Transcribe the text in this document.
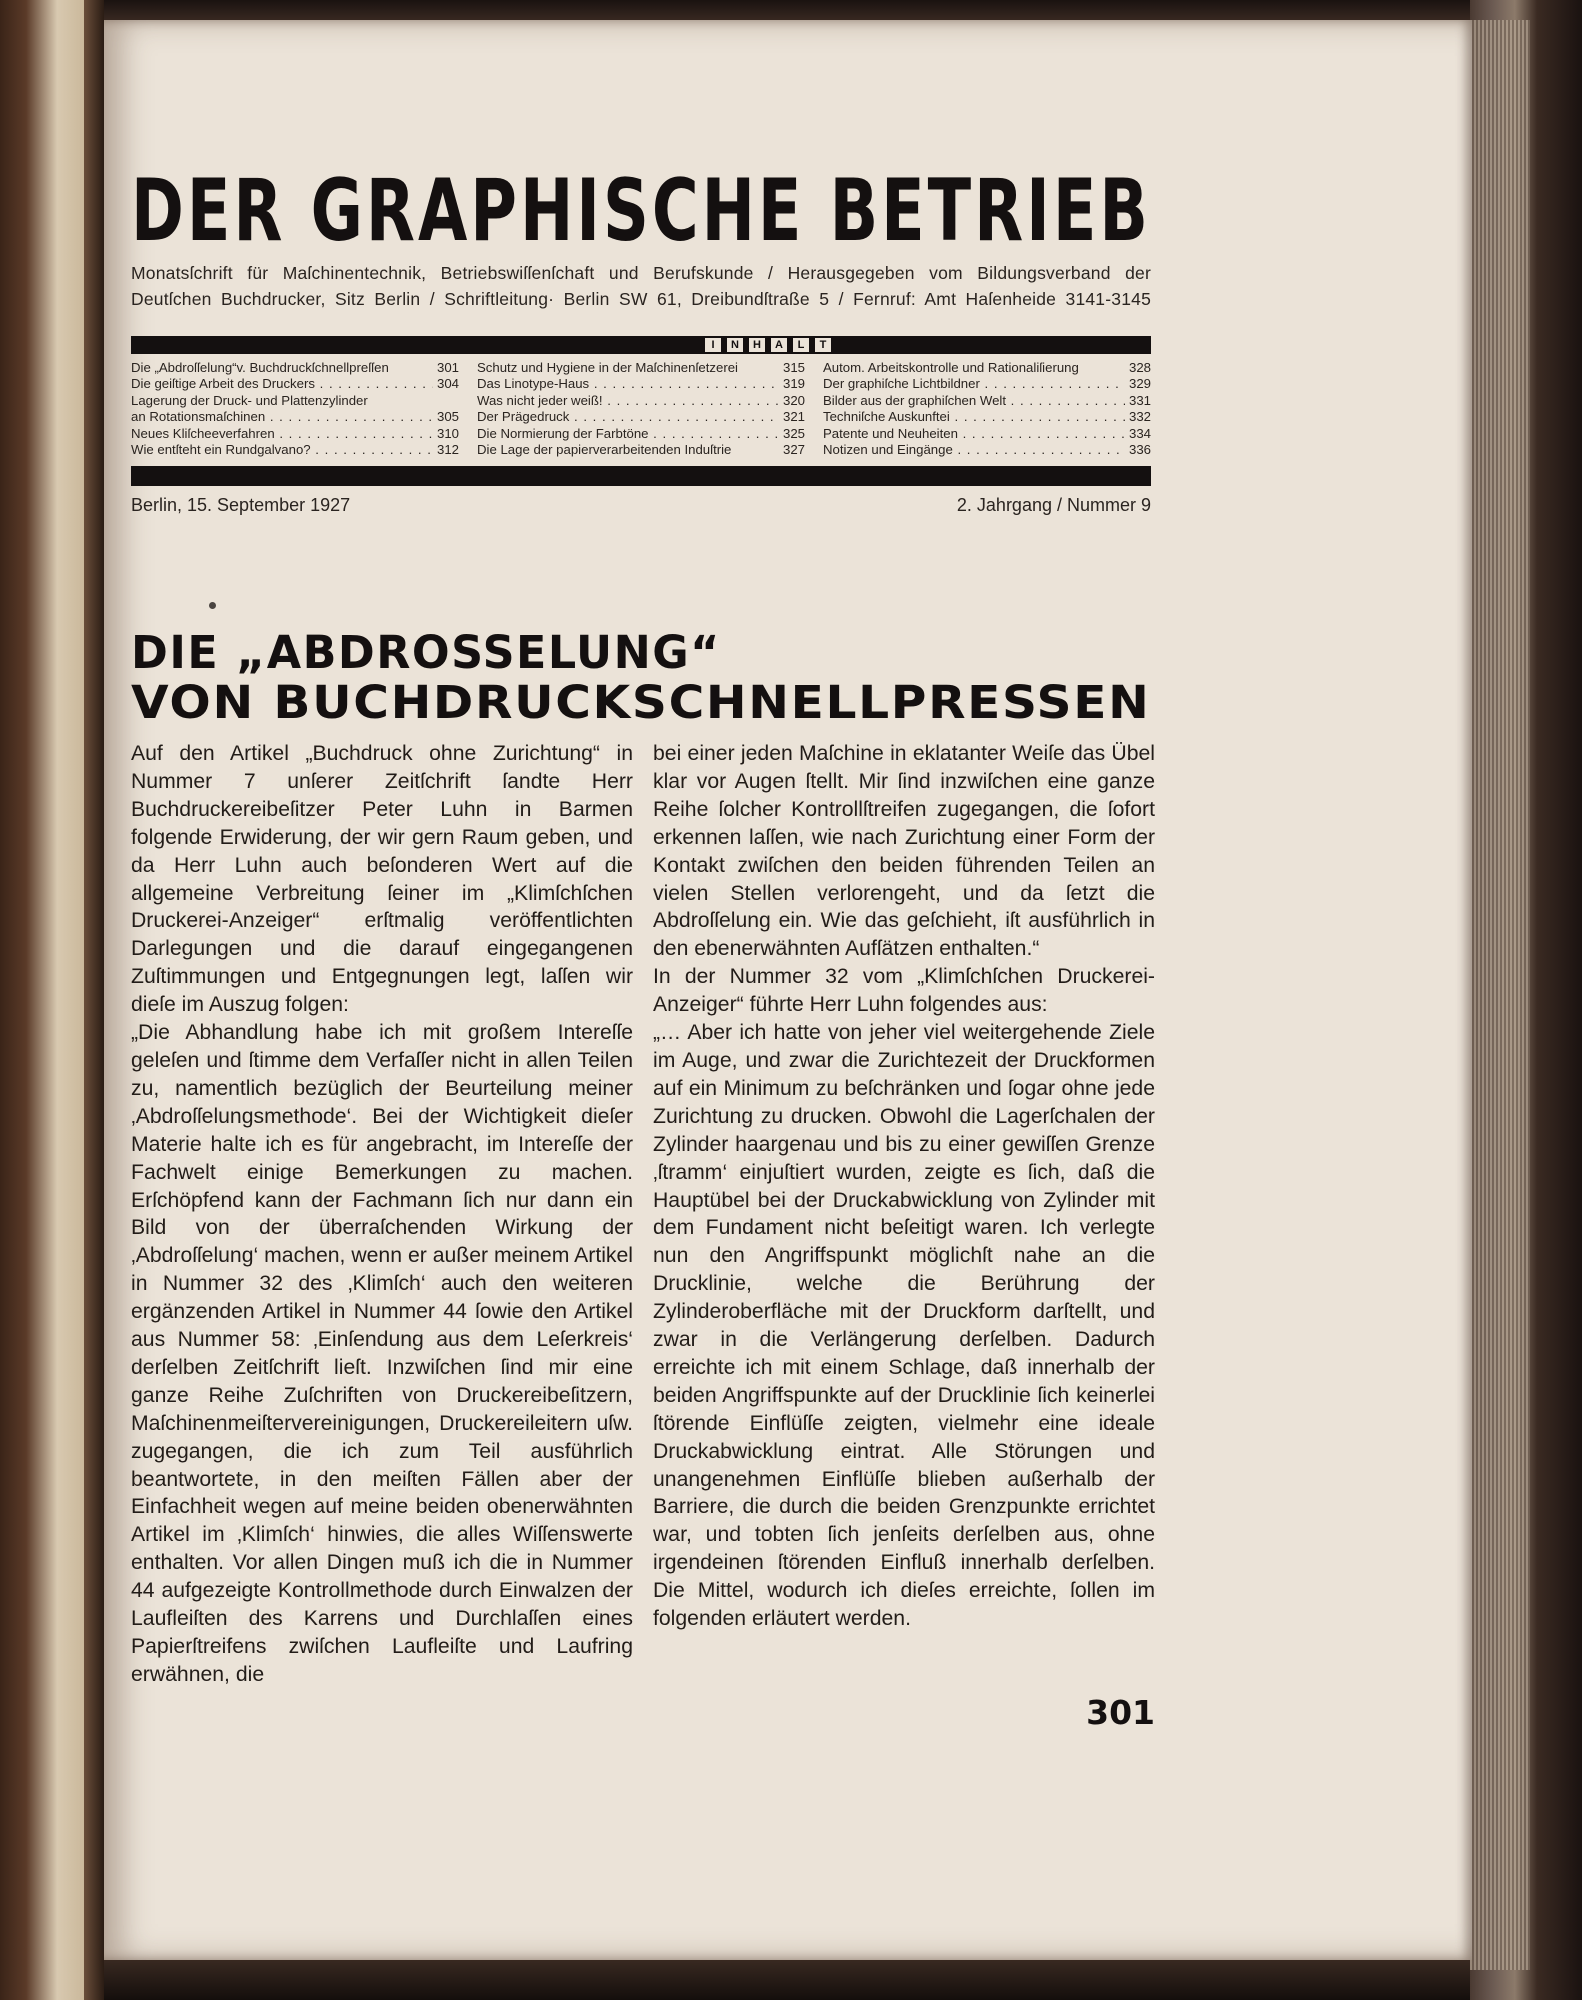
DER GRAPHISCHE BETRIEB
Monatsſchrift für Maſchinentechnik, Betriebswiſſenſchaft und Berufskunde / Herausgegeben vom Bildungsverband der
Deutſchen Buchdrucker, Sitz Berlin / Schriftleitung· Berlin SW 61, Dreibundſtraße 5 / Fernruf: Amt Haſenheide 3141-3145
I	N	H	A	L	T
Die „Abdroſſelung“v. Buchdruckſchnellpreſſen	301
Die geiſtige Arbeit des Druckers . . .	304
Lagerung der Druck- und Plattenzylinder
an Rotationsmaſchinen . . .	305
Neues Kliſcheeverfahren . . .	310
Wie entſteht ein Rundgalvano? . . .	312
Schutz und Hygiene in der Maſchinenſetzerei	315
Das Linotype-Haus . . .	319
Was nicht jeder weiß! . . .	320
Der Prägedruck . . .	321
Die Normierung der Farbtöne . . .	325
Die Lage der papierverarbeitenden Induſtrie	327
Autom. Arbeitskontrolle und Rationaliſierung	328
Der graphiſche Lichtbildner . . .	329
Bilder aus der graphiſchen Welt . . .	331
Techniſche Auskunftei . . .	332
Patente und Neuheiten . . .	334
Notizen und Eingänge . . .	336
Berlin, 15. September 1927	2. Jahrgang / Nummer 9
DIE „ABDROSSELUNG“
VON BUCHDRUCKSCHNELLPRESSEN

Auf den Artikel „Buchdruck ohne Zurichtung“ in Nummer 7 unſerer Zeitſchrift ſandte Herr Buchdruckereibeſitzer Peter Luhn in Barmen folgende Erwiderung, der wir gern Raum geben, und da Herr Luhn auch beſonderen Wert auf die allgemeine Verbreitung ſeiner im „Klimſchſchen Druckerei-Anzeiger“ erſtmalig veröffentlichten Darlegungen und die darauf eingegangenen Zuſtimmungen und Entgegnungen legt, laſſen wir dieſe im Auszug folgen:

„Die Abhandlung habe ich mit großem Intereſſe geleſen und ſtimme dem Verfaſſer nicht in allen Teilen zu, namentlich bezüglich der Beurteilung meiner ‚Abdroſſelungsmethode‘. Bei der Wichtigkeit dieſer Materie halte ich es für angebracht, im Intereſſe der Fachwelt einige Bemerkungen zu machen. Erſchöpfend kann der Fachmann ſich nur dann ein Bild von der überraſchenden Wirkung der ‚Abdroſſelung‘ machen, wenn er außer meinem Artikel in Nummer 32 des ‚Klimſch‘ auch den weiteren ergänzenden Artikel in Nummer 44 ſowie den Artikel aus Nummer 58: ‚Einſendung aus dem Leſerkreis‘ derſelben Zeitſchrift lieſt. Inzwiſchen ſind mir eine ganze Reihe Zuſchriften von Druckereibeſitzern, Maſchinenmeiſtervereinigungen, Druckereileitern uſw. zugegangen, die ich zum Teil ausführlich beantwortete, in den meiſten Fällen aber der Einfachheit wegen auf meine beiden obenerwähnten Artikel im ‚Klimſch‘ hinwies, die alles Wiſſenswerte enthalten. Vor allen Dingen muß ich die in Nummer 44 aufgezeigte Kontrollmethode durch Einwalzen der Laufleiſten des Karrens und Durchlaſſen eines Papierſtreifens zwiſchen Laufleiſte und Laufring erwähnen, die

bei einer jeden Maſchine in eklatanter Weiſe das Übel klar vor Augen ſtellt. Mir ſind inzwiſchen eine ganze Reihe ſolcher Kontrollſtreifen zugegangen, die ſofort erkennen laſſen, wie nach Zurichtung einer Form der Kontakt zwiſchen den beiden führenden Teilen an vielen Stellen verlorengeht, und da ſetzt die Abdroſſelung ein. Wie das geſchieht, iſt ausführlich in den ebenerwähnten Aufſätzen enthalten.“

In der Nummer 32 vom „Klimſchſchen Druckerei-Anzeiger“ führte Herr Luhn folgendes aus:

„… Aber ich hatte von jeher viel weitergehende Ziele im Auge, und zwar die Zurichtezeit der Druckformen auf ein Minimum zu beſchränken und ſogar ohne jede Zurichtung zu drucken. Obwohl die Lagerſchalen der Zylinder haargenau und bis zu einer gewiſſen Grenze ‚ſtramm‘ einjuſtiert wurden, zeigte es ſich, daß die Hauptübel bei der Druckabwicklung von Zylinder mit dem Fundament nicht beſeitigt waren. Ich verlegte nun den Angriffspunkt möglichſt nahe an die Drucklinie, welche die Berührung der Zylinderoberfläche mit der Druckform darſtellt, und zwar in die Verlängerung derſelben. Dadurch erreichte ich mit einem Schlage, daß innerhalb der beiden Angriffspunkte auf der Drucklinie ſich keinerlei ſtörende Einflüſſe zeigten, vielmehr eine ideale Druckabwicklung eintrat. Alle Störungen und unangenehmen Einflüſſe blieben außerhalb der Barriere, die durch die beiden Grenzpunkte errichtet war, und tobten ſich jenſeits derſelben aus, ohne irgendeinen ſtörenden Einfluß innerhalb derſelben. Die Mittel, wodurch ich dieſes erreichte, ſollen im folgenden erläutert werden.

301
